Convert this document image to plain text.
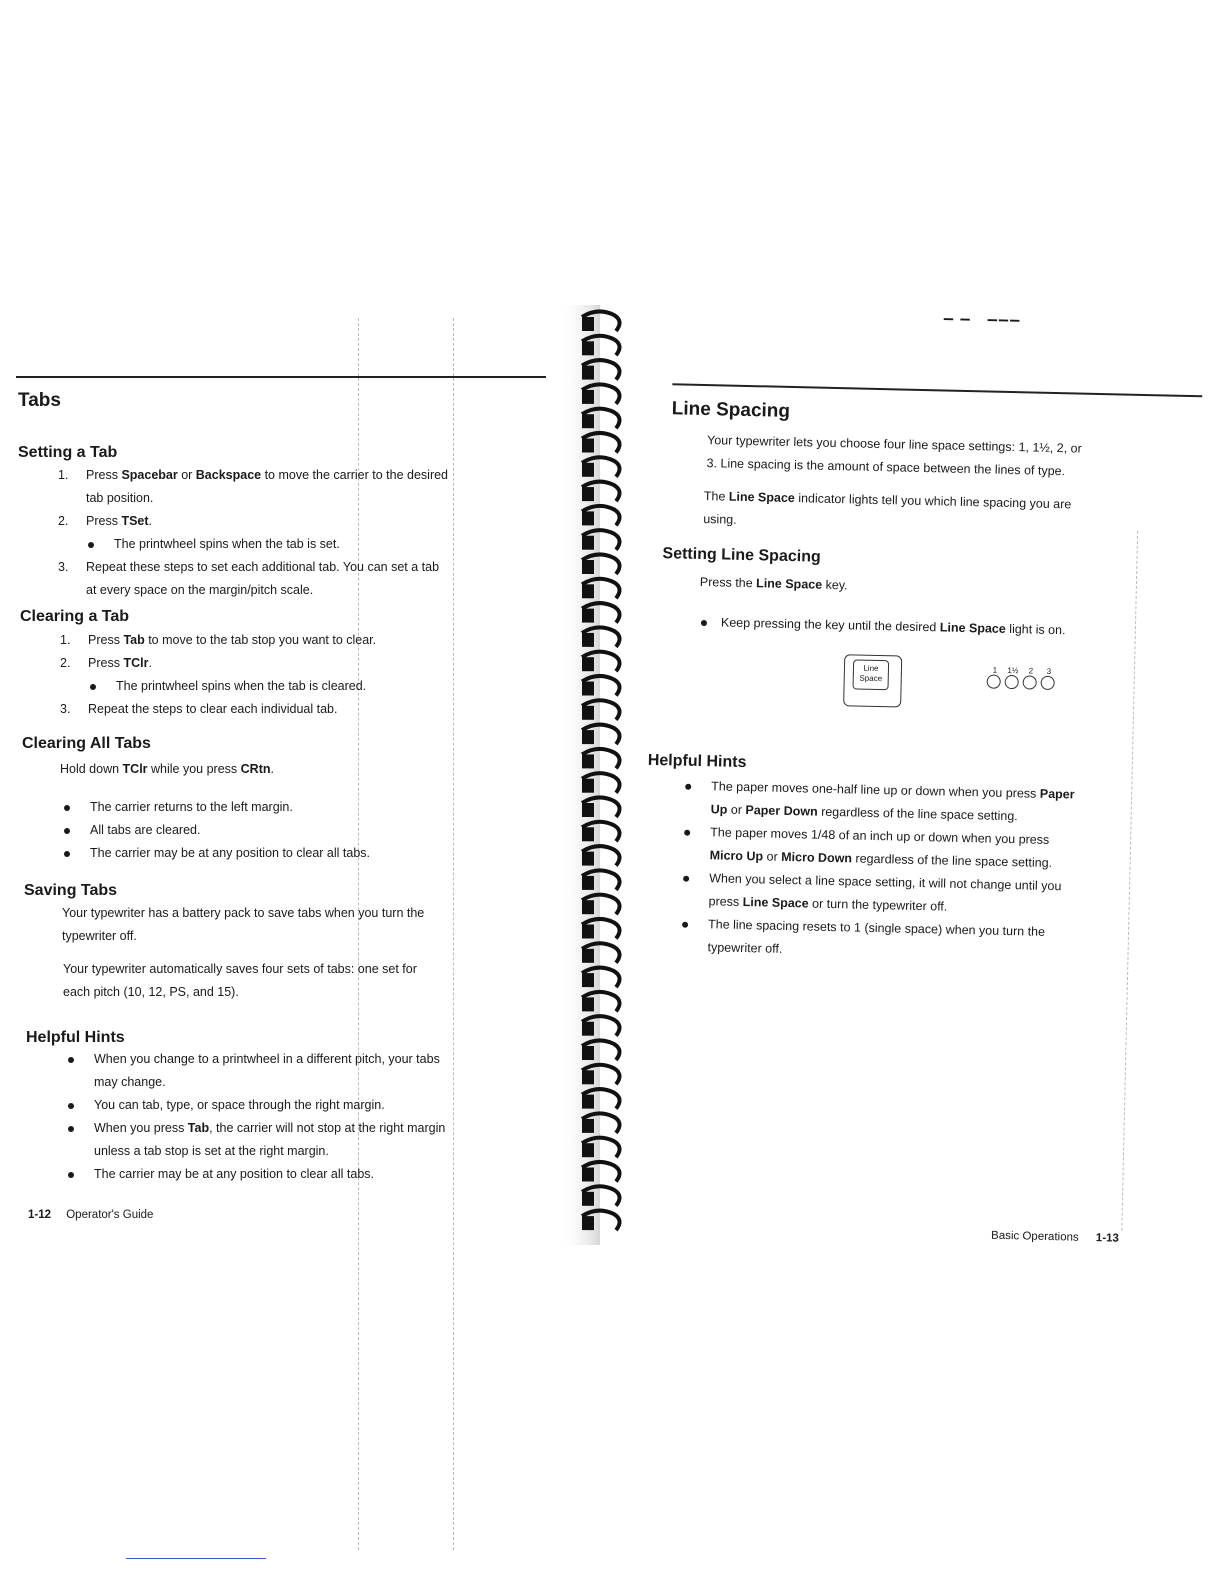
Tabs
Setting a Tab
1. Press Spacebar or Backspace to move the carrier to the desired
tab position.
2. Press TSet.
The printwheel spins when the tab is set.
3. Repeat these steps to set each additional tab. You can set a tab
at every space on the margin/pitch scale.
Clearing a Tab
1. Press Tab to move to the tab stop you want to clear.
2. Press TClr.
The printwheel spins when the tab is cleared.
3. Repeat the steps to clear each individual tab.
Clearing All Tabs
Hold down TClr while you press CRtn.
The carrier returns to the left margin.
All tabs are cleared.
The carrier may be at any position to clear all tabs.
Saving Tabs
Your typewriter has a battery pack to save tabs when you turn the
typewriter off.
Your typewriter automatically saves four sets of tabs: one set for
each pitch (10, 12, PS, and 15).
Helpful Hints
When you change to a printwheel in a different pitch, your tabs
may change.
You can tab, type, or space through the right margin.
When you press Tab, the carrier will not stop at the right margin
unless a tab stop is set at the right margin.
The carrier may be at any position to clear all tabs.
1-12 Operator's Guide
▔ ▔   ▔▔▔
Line Spacing
Your typewriter lets you choose four line space settings: 1, 1½, 2, or
3. Line spacing is the amount of space between the lines of type.
The Line Space indicator lights tell you which line spacing you are
using.
Setting Line Spacing
Press the Line Space key.
Keep pressing the key until the desired Line Space light is on.
Line
Space
1	1½	2	3
Helpful Hints
The paper moves one-half line up or down when you press Paper
Up or Paper Down regardless of the line space setting.
The paper moves 1/48 of an inch up or down when you press
Micro Up or Micro Down regardless of the line space setting.
When you select a line space setting, it will not change until you
press Line Space or turn the typewriter off.
The line spacing resets to 1 (single space) when you turn the
typewriter off.
Basic Operations 1-13
